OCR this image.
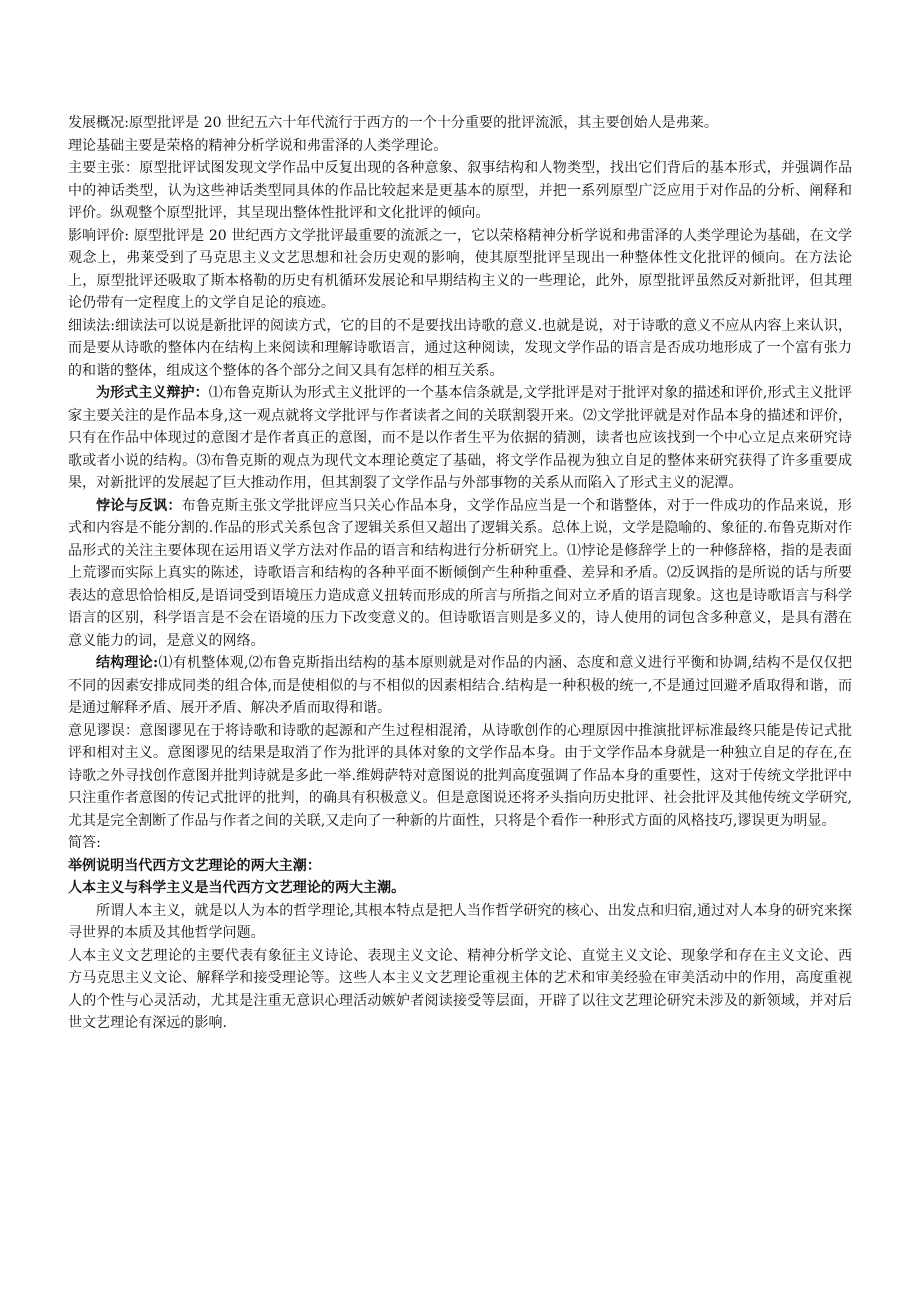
发展概况:原型批评是 20 世纪五六十年代流行于西方的一个十分重要的批评流派，其主要创始人是弗莱。

理论基础主要是荣格的精神分析学说和弗雷泽的人类学理论。

主要主张：原型批评试图发现文学作品中反复出现的各种意象、叙事结构和人物类型，找出它们背后的基本形式，并强调作品中的神话类型，认为这些神话类型同具体的作品比较起来是更基本的原型，并把一系列原型广泛应用于对作品的分析、阐释和评价。纵观整个原型批评，其呈现出整体性批评和文化批评的倾向。

影响评价: 原型批评是 20 世纪西方文学批评最重要的流派之一，它以荣格精神分析学说和弗雷泽的人类学理论为基础，在文学观念上，弗莱受到了马克思主义文艺思想和社会历史观的影响，使其原型批评呈现出一种整体性文化批评的倾向。在方法论上，原型批评还吸取了斯本格勒的历史有机循环发展论和早期结构主义的一些理论，此外，原型批评虽然反对新批评，但其理论仍带有一定程度上的文学自足论的痕迹。

细读法:细读法可以说是新批评的阅读方式，它的目的不是要找出诗歌的意义.也就是说，对于诗歌的意义不应从内容上来认识，而是要从诗歌的整体内在结构上来阅读和理解诗歌语言，通过这种阅读，发现文学作品的语言是否成功地形成了一个富有张力的和谐的整体，组成这个整体的各个部分之间又具有怎样的相互关系。

为形式主义辩护：⑴布鲁克斯认为形式主义批评的一个基本信条就是,文学批评是对于批评对象的描述和评价,形式主义批评家主要关注的是作品本身,这一观点就将文学批评与作者读者之间的关联割裂开来。⑵文学批评就是对作品本身的描述和评价，只有在作品中体现过的意图才是作者真正的意图，而不是以作者生平为依据的猜测，读者也应该找到一个中心立足点来研究诗歌或者小说的结构。⑶布鲁克斯的观点为现代文本理论奠定了基础，将文学作品视为独立自足的整体来研究获得了许多重要成果，对新批评的发展起了巨大推动作用，但其割裂了文学作品与外部事物的关系从而陷入了形式主义的泥潭。

悖论与反讽：布鲁克斯主张文学批评应当只关心作品本身，文学作品应当是一个和谐整体，对于一件成功的作品来说，形式和内容是不能分割的.作品的形式关系包含了逻辑关系但又超出了逻辑关系。总体上说，文学是隐喻的、象征的.布鲁克斯对作品形式的关注主要体现在运用语义学方法对作品的语言和结构进行分析研究上。⑴悖论是修辞学上的一种修辞格，指的是表面上荒谬而实际上真实的陈述，诗歌语言和结构的各种平面不断倾倒产生种种重叠、差异和矛盾。⑵反讽指的是所说的话与所要表达的意思恰恰相反,是语词受到语境压力造成意义扭转而形成的所言与所指之间对立矛盾的语言现象。这也是诗歌语言与科学语言的区别，科学语言是不会在语境的压力下改变意义的。但诗歌语言则是多义的，诗人使用的词包含多种意义，是具有潜在意义能力的词，是意义的网络。

结构理论:⑴有机整体观,⑵布鲁克斯指出结构的基本原则就是对作品的内涵、态度和意义进行平衡和协调,结构不是仅仅把不同的因素安排成同类的组合体,而是使相似的与不相似的因素相结合.结构是一种积极的统一,不是通过回避矛盾取得和谐，而是通过解释矛盾、展开矛盾、解决矛盾而取得和谐。

意见谬误：意图谬见在于将诗歌和诗歌的起源和产生过程相混淆，从诗歌创作的心理原因中推演批评标准最终只能是传记式批评和相对主义。意图谬见的结果是取消了作为批评的具体对象的文学作品本身。由于文学作品本身就是一种独立自足的存在,在诗歌之外寻找创作意图并批判诗就是多此一举.维姆萨特对意图说的批判高度强调了作品本身的重要性，这对于传统文学批评中只注重作者意图的传记式批评的批判，的确具有积极意义。但是意图说还将矛头指向历史批评、社会批评及其他传统文学研究,尤其是完全割断了作品与作者之间的关联,又走向了一种新的片面性，只将是个看作一种形式方面的风格技巧,谬误更为明显。

简答:

举例说明当代西方文艺理论的两大主潮：

人本主义与科学主义是当代西方文艺理论的两大主潮。

所谓人本主义，就是以人为本的哲学理论,其根本特点是把人当作哲学研究的核心、出发点和归宿,通过对人本身的研究来探寻世界的本质及其他哲学问题。

人本主义文艺理论的主要代表有象征主义诗论、表现主义文论、精神分析学文论、直觉主义文论、现象学和存在主义文论、西方马克思主义文论、解释学和接受理论等。这些人本主义文艺理论重视主体的艺术和审美经验在审美活动中的作用，高度重视人的个性与心灵活动，尤其是注重无意识心理活动嫉妒者阅读接受等层面，开辟了以往文艺理论研究未涉及的新领域，并对后世文艺理论有深远的影响.
